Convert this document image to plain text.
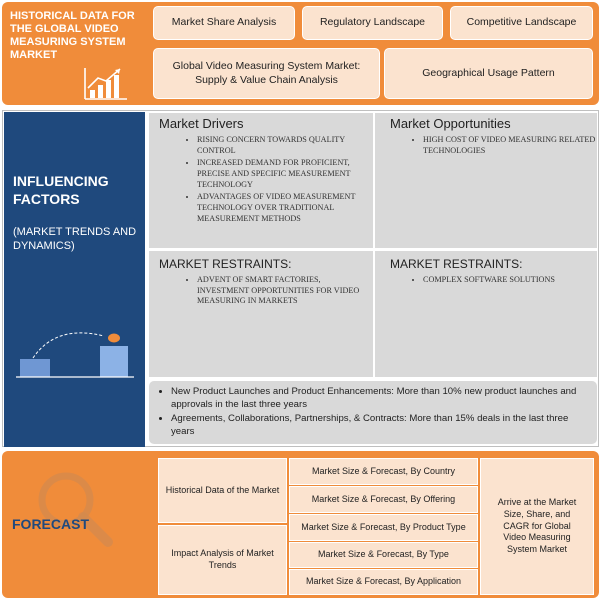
HISTORICAL DATA FOR THE GLOBAL VIDEO MEASURING SYSTEM MARKET
Market Share Analysis	Regulatory Landscape	Competitive Landscape
Global Video Measuring System Market: Supply & Value Chain Analysis
Geographical Usage Pattern
INFLUENCING FACTORS
(MARKET TRENDS AND DYNAMICS)
Market Drivers
• RISING CONCERN TOWARDS QUALITY CONTROL
• INCREASED DEMAND FOR PROFICIENT, PRECISE AND SPECIFIC MEASUREMENT TECHNOLOGY
• ADVANTAGES OF VIDEO MEASUREMENT TECHNOLOGY OVER TRADITIONAL MEASUREMENT METHODS
Market Opportunities
• HIGH COST OF VIDEO MEASURING RELATED TECHNOLOGIES
MARKET RESTRAINTS:
• ADVENT OF SMART FACTORIES, INVESTMENT OPPORTUNITIES FOR VIDEO MEASURING IN MARKETS
MARKET RESTRAINTS:
• COMPLEX SOFTWARE SOLUTIONS
• New Product Launches and Product Enhancements: More than 10% new product launches and approvals in the last three years
• Agreements, Collaborations, Partnerships, & Contracts: More than 15% deals in the last three years
FORECAST
Historical Data of the Market
Impact Analysis of Market Trends
Market Size & Forecast, By Country
Market Size & Forecast, By Offering
Market Size & Forecast, By Product Type
Market Size & Forecast, By Type
Market Size & Forecast, By Application
Arrive at the Market Size, Share, and CAGR for Global Video Measuring System Market
